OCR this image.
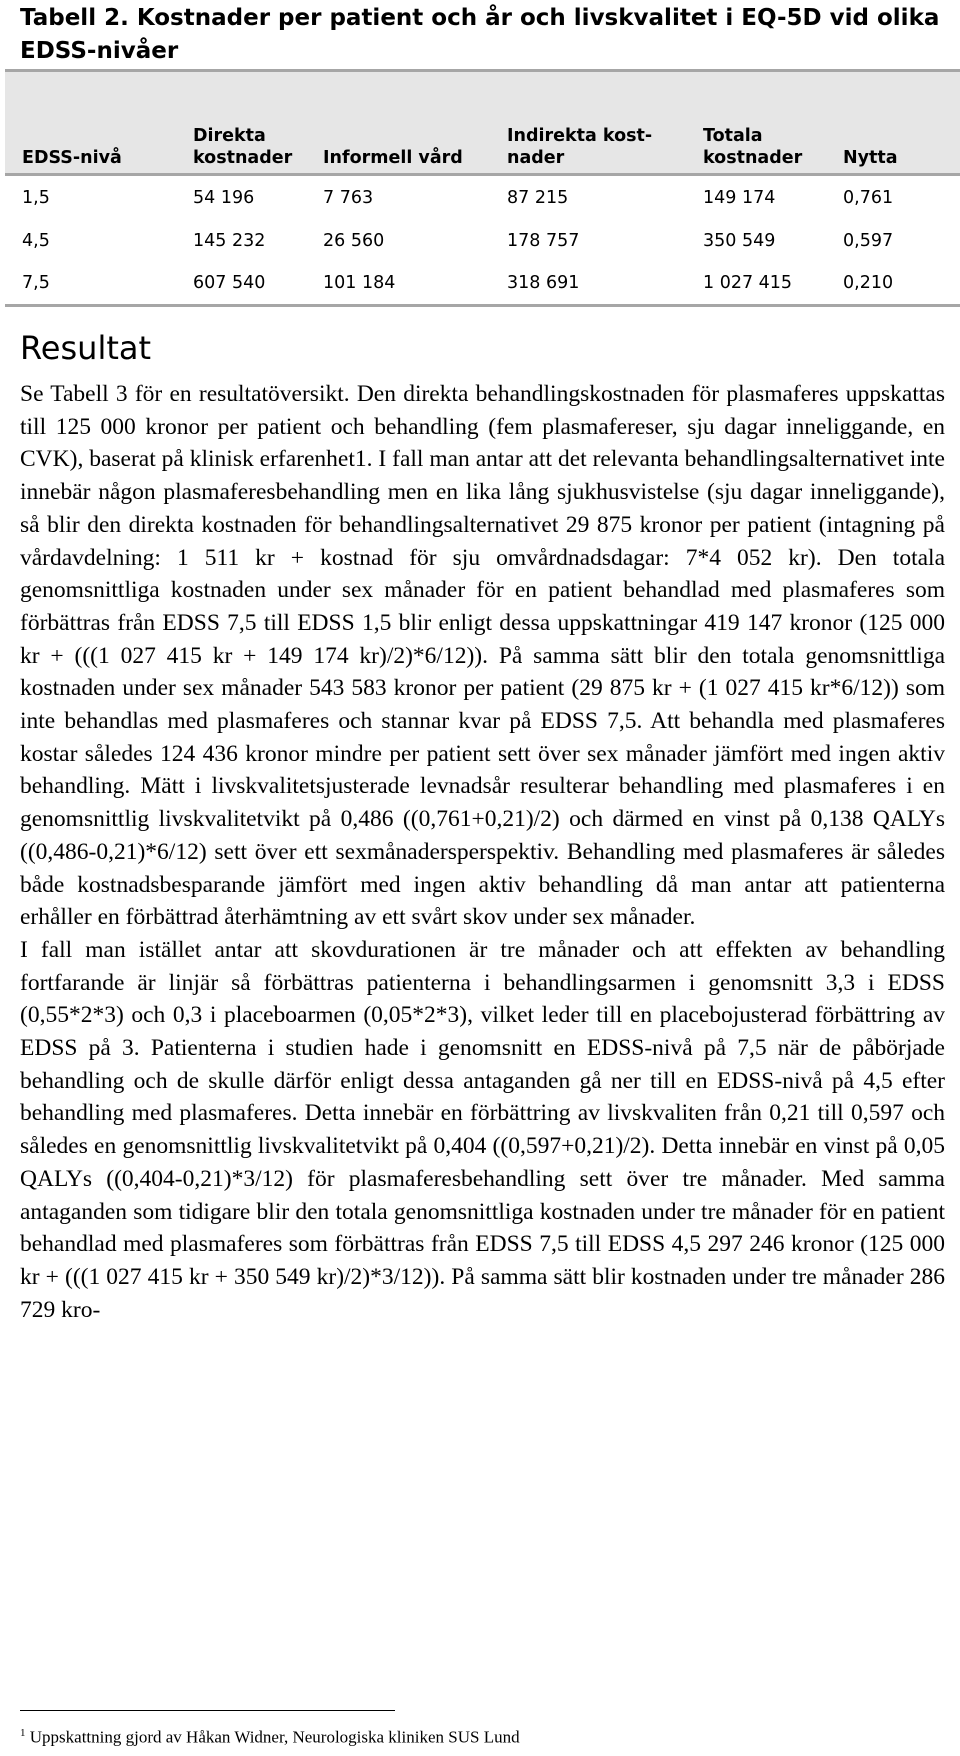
Tabell 2. Kostnader per patient och år och livskvalitet i EQ-5D vid olika EDSS-nivåer
EDSS-nivå	Direkta kostnader	Informell vård	Indirekta kost-nader	Totala kostnader	Nytta
1,5	54 196	7 763	87 215	149 174	0,761
4,5	145 232	26 560	178 757	350 549	0,597
7,5	607 540	101 184	318 691	1 027 415	0,210
Resultat

Se Tabell 3 för en resultatöversikt. Den direkta behandlingskostnaden för plasmaferes uppskattas till 125 000 kronor per patient och behandling (fem plasmafereser, sju dagar inneliggande, en CVK), baserat på klinisk erfarenhet1. I fall man antar att det relevanta behandlingsalternativet inte innebär någon plasmaferesbehandling men en lika lång sjukhusvistelse (sju dagar inneliggande), så blir den direkta kostnaden för behandlingsalternativet 29 875 kronor per patient (intagning på vårdavdelning: 1 511 kr + kostnad för sju omvårdnadsdagar: 7*4 052 kr). Den totala genomsnittliga kostnaden under sex månader för en patient behandlad med plasmaferes som förbättras från EDSS 7,5 till EDSS 1,5 blir enligt dessa uppskattningar 419 147 kronor (125 000 kr + (((1 027 415 kr + 149 174 kr)/2)*6/12)). På samma sätt blir den totala genomsnittliga kostnaden under sex månader 543 583 kronor per patient (29 875 kr + (1 027 415 kr*6/12)) som inte behandlas med plasmaferes och stannar kvar på EDSS 7,5. Att behandla med plasmaferes kostar således 124 436 kronor mindre per patient sett över sex månader jämfört med ingen aktiv behandling. Mätt i livskvalitetsjusterade levnadsår resulterar behandling med plasmaferes i en genomsnittlig livskvalitetvikt på 0,486 ((0,761+0,21)/2) och därmed en vinst på 0,138 QALYs ((0,486-0,21)*6/12) sett över ett sexmånadersperspektiv. Behandling med plasmaferes är således både kostnadsbesparande jämfört med ingen aktiv behandling då man antar att patienterna erhåller en förbättrad återhämtning av ett svårt skov under sex månader.

I fall man istället antar att skovdurationen är tre månader och att effekten av behandling fortfarande är linjär så förbättras patienterna i behandlingsarmen i genomsnitt 3,3 i EDSS (0,55*2*3) och 0,3 i placeboarmen (0,05*2*3), vilket leder till en placebojusterad förbättring av EDSS på 3. Patienterna i studien hade i genomsnitt en EDSS-nivå på 7,5 när de påbörjade behandling och de skulle därför enligt dessa antaganden gå ner till en EDSS-nivå på 4,5 efter behandling med plasmaferes. Detta innebär en förbättring av livskvaliten från 0,21 till 0,597 och således en genomsnittlig livskvalitetvikt på 0,404 ((0,597+0,21)/2). Detta innebär en vinst på 0,05 QALYs ((0,404-0,21)*3/12) för plasmaferesbehandling sett över tre månader. Med samma antaganden som tidigare blir den totala genomsnittliga kostnaden under tre månader för en patient behandlad med plasmaferes som förbättras från EDSS 7,5 till EDSS 4,5 297 246 kronor (125 000 kr + (((1 027 415 kr + 350 549 kr)/2)*3/12)). På samma sätt blir kostnaden under tre månader 286 729 kro-

$^1$ Uppskattning gjord av Håkan Widner, Neurologiska kliniken SUS Lund
